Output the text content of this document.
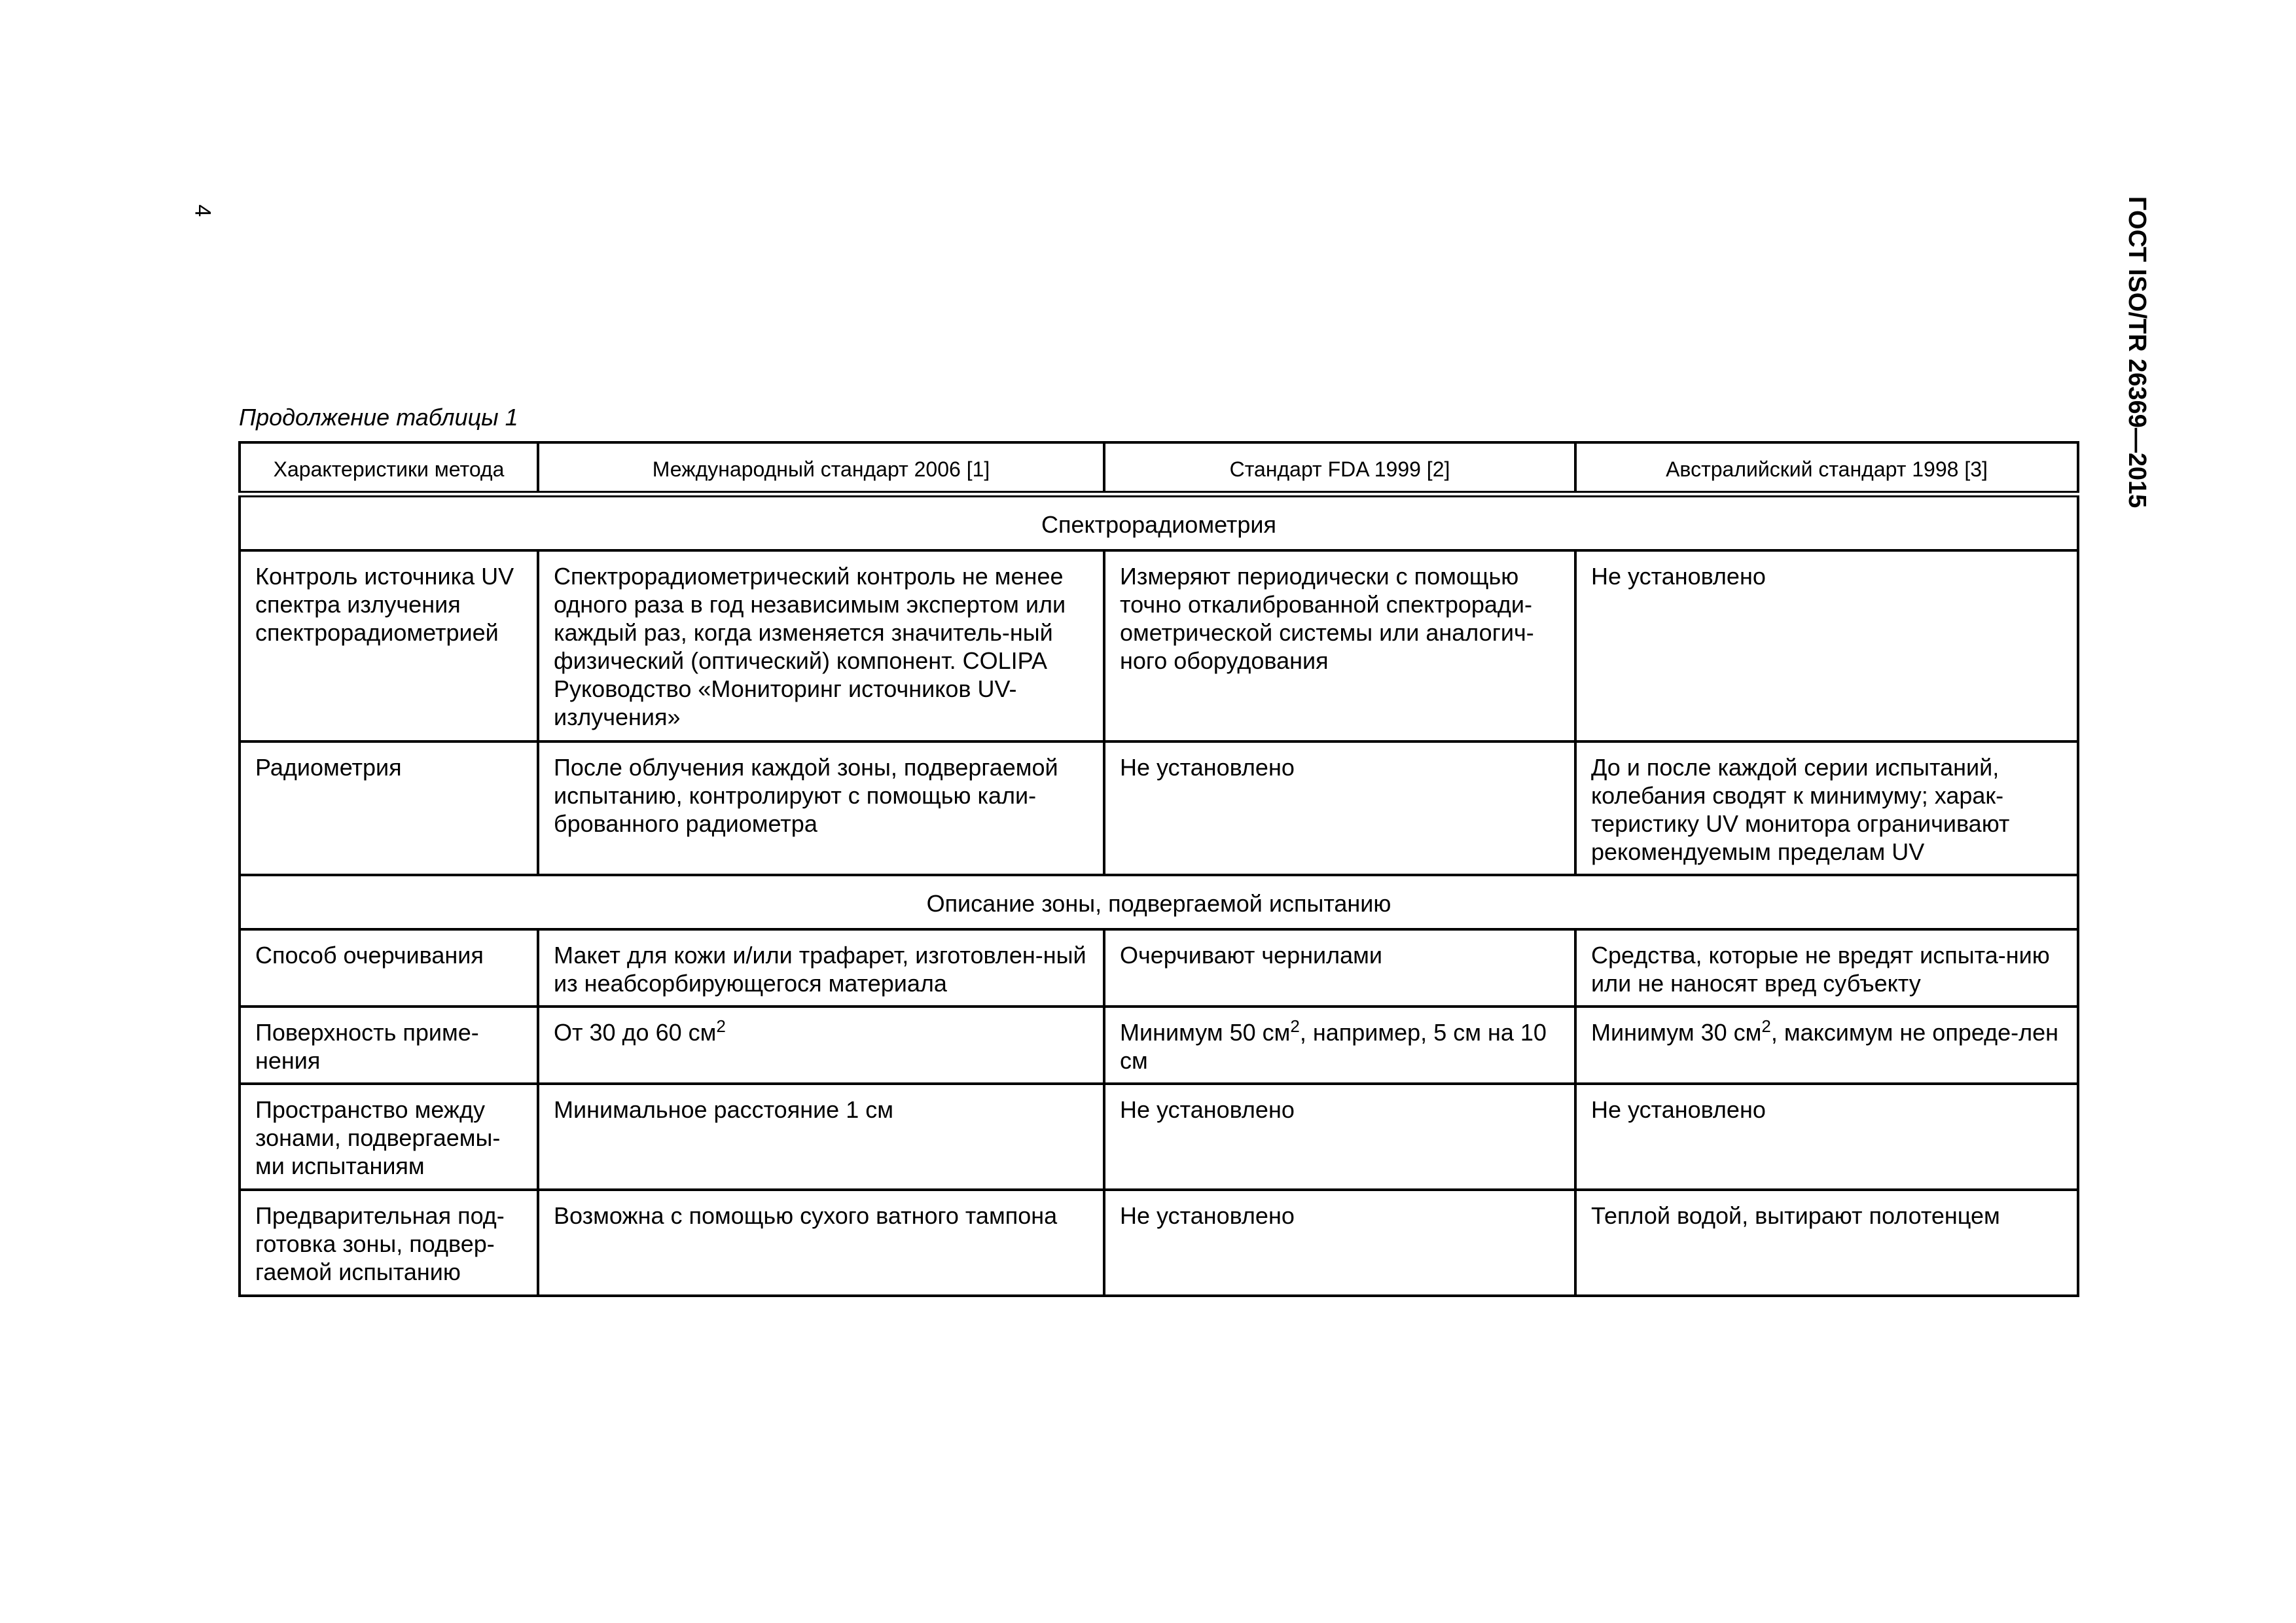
4	ГОСТ ISO/TR 26369—2015
Продолжение таблицы 1
Характеристики метода	Международный стандарт 2006 [1]	Стандарт FDA 1999 [2]	Австралийский стандарт 1998 [3]
Спектрорадиометрия			
Контроль источника UV спектра излучения спектрорадиометрией	Спектрорадиометрический контроль не менее одного раза в год независимым экспертом или каждый раз, когда изменяется значитель-ный физический (оптический) компонент. COLIPA Руководство «Мониторинг источников UV-излучения»	Измеряют периодически с помощью точно откалиброванной спектроради-ометрической системы или аналогич-ного оборудования	Не установлено
Радиометрия	После облучения каждой зоны, подвергаемой испытанию, контролируют с помощью кали-брованного радиометра	Не установлено	До и после каждой серии испытаний, колебания сводят к минимуму; харак-теристику UV монитора ограничивают рекомендуемым пределам UV
Описание зоны, подвергаемой испытанию			
Способ очерчивания	Макет для кожи и/или трафарет, изготовлен-ный из неабсорбирующегося материала	Очерчивают чернилами	Средства, которые не вредят испыта-нию или не наносят вред субъекту
Поверхность приме-нения	От 30 до 60 $см^2$	Минимум 50 $см^2$, например, 5 см на 10 см	Минимум 30 $см^2$, максимум не опреде-лен
Пространство между зонами, подвергаемы-ми испытаниям	Минимальное расстояние 1 см	Не установлено	Не установлено
Предварительная под-готовка зоны, подвер-гаемой испытанию	Возможна с помощью сухого ватного тампона	Не установлено	Теплой водой, вытирают полотенцем
